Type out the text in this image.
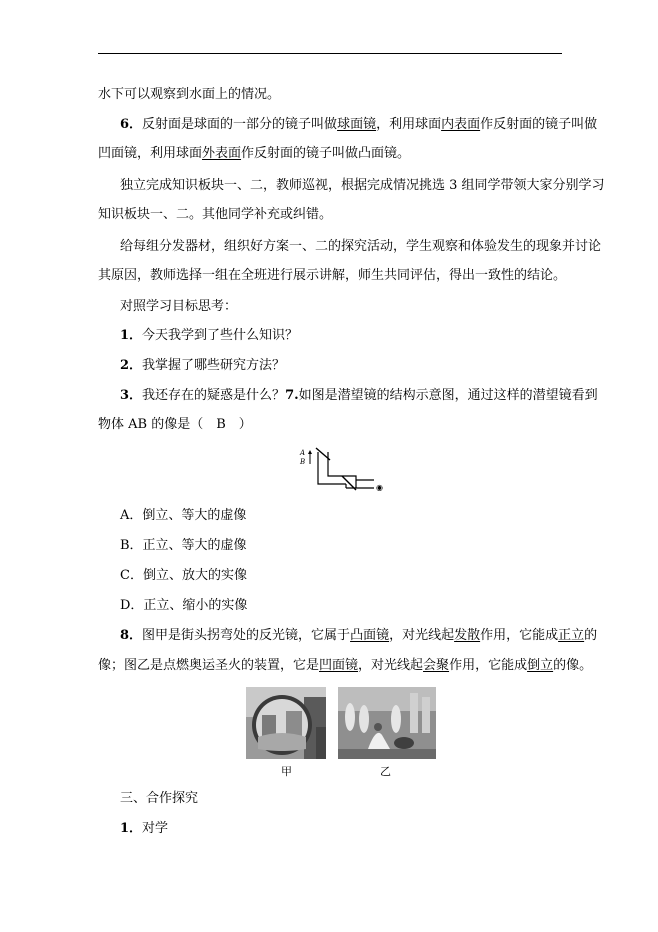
水下可以观察到水面上的情况。
6．反射面是球面的一部分的镜子叫做球面镜，利用球面内表面作反射面的镜子叫做
凹面镜，利用球面外表面作反射面的镜子叫做凸面镜。
独立完成知识板块一、二，教师巡视，根据完成情况挑选 3 组同学带领大家分别学习
知识板块一、二。其他同学补充或纠错。
给每组分发器材，组织好方案一、二的探究活动，学生观察和体验发生的现象并讨论
其原因，教师选择一组在全班进行展示讲解，师生共同评估，得出一致性的结论。
对照学习目标思考：
1．今天我学到了些什么知识？
2．我掌握了哪些研究方法？
3．我还存在的疑惑是什么？7.如图是潜望镜的结构示意图，通过这样的潜望镜看到
物体 AB 的像是（　B　）
A
B
◉
A．倒立、等大的虚像
B．正立、等大的虚像
C．倒立、放大的实像
D．正立、缩小的实像
8．图甲是街头拐弯处的反光镜，它属于凸面镜，对光线起发散作用，它能成正立的
像；图乙是点燃奥运圣火的装置，它是凹面镜，对光线起会聚作用，它能成倒立的像。
甲	乙
三、合作探究
1．对学
